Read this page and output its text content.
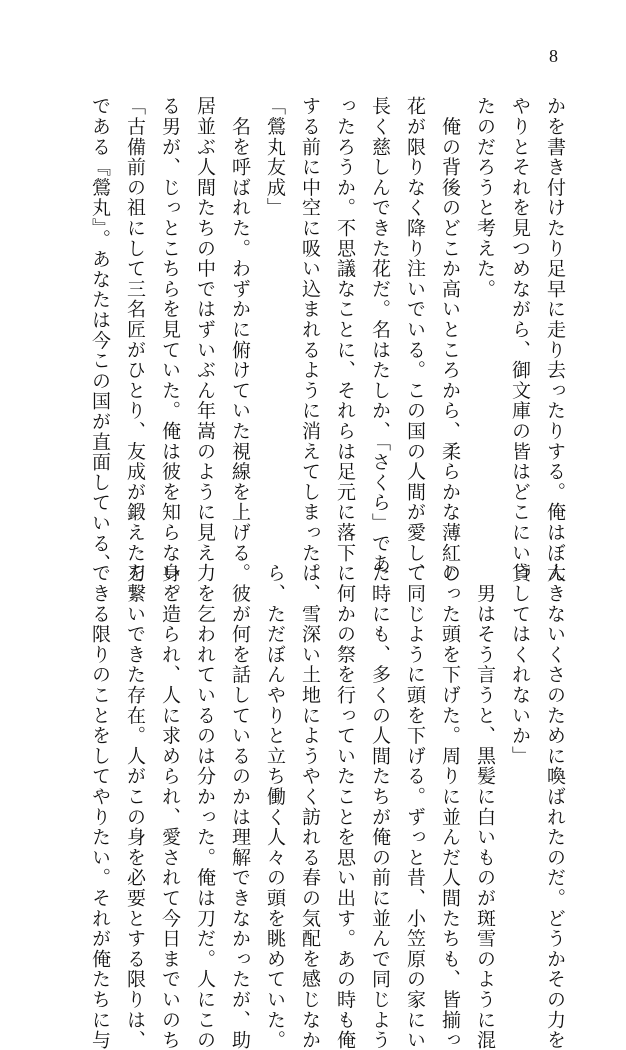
8
かを書き付けたり足早に走り去ったりする。俺はぼん
やりとそれを見つめながら、御文庫の皆はどこにいっ
たのだろうと考えた。
　俺の背後のどこか高いところから、柔らかな薄紅の
花が限りなく降り注いでいる。この国の人間が愛し、
長く慈しんできた花だ。名はたしか、「さくら」であ
ったろうか。不思議なことに、それらは足元に落下
する前に中空に吸い込まれるように消えてしまった。
「鶯丸友成」
　名を呼ばれた。わずかに俯けていた視線を上げる。
居並ぶ人間たちの中ではずいぶん年嵩のように見え
る男が、じっとこちらを見ていた。俺は彼を知らない。
「古備前の祖にして三名匠がひとり、友成が鍛えた刀
である『鶯丸』。あなたは今この国が直面している、
大きないくさのために喚ばれたのだ。どうかその力を
貸してはくれないか」
　男はそう言うと、黒髪に白いものが斑雪のように混
じった頭を下げた。周りに並んだ人間たちも、皆揃っ
て同じように頭を下げる。ずっと昔、小笠原の家にい
た時にも、多くの人間たちが俺の前に並んで同じよう
に何かの祭を行っていたことを思い出す。あの時も俺
は、雪深い土地にようやく訪れる春の気配を感じなか
ら、ただぼんやりと立ち働く人々の頭を眺めていた。
　彼が何を話しているのかは理解できなかったが、助
力を乞われているのは分かった。俺は刀だ。人にこの
身を造られ、人に求められ、愛されて今日までいのち
を繋いできた存在。人がこの身を必要とする限りは、
できる限りのことをしてやりたい。それが俺たちに与
